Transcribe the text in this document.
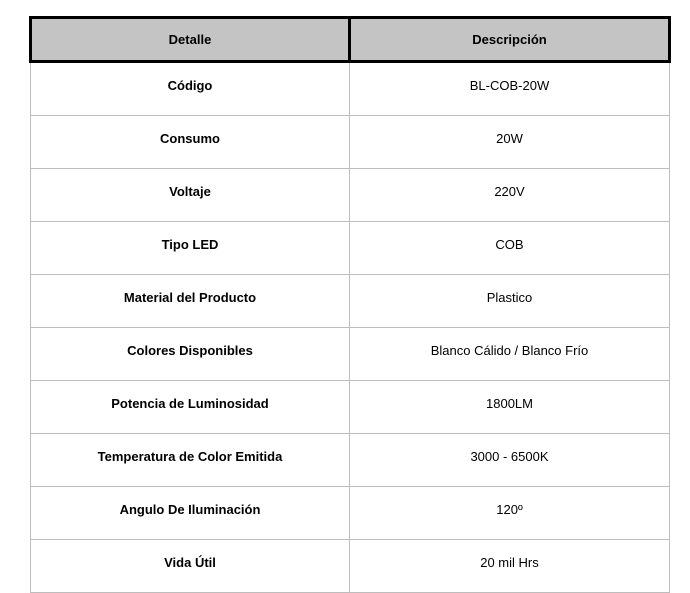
Detalle	Descripción
Código	BL-COB-20W
Consumo	20W
Voltaje	220V
Tipo LED	COB
Material del Producto	Plastico
Colores Disponibles	Blanco Cálido / Blanco Frío
Potencia de Luminosidad	1800LM
Temperatura de Color Emitida	3000 - 6500K
Angulo De Iluminación	120º
Vida Útil	20 mil Hrs
